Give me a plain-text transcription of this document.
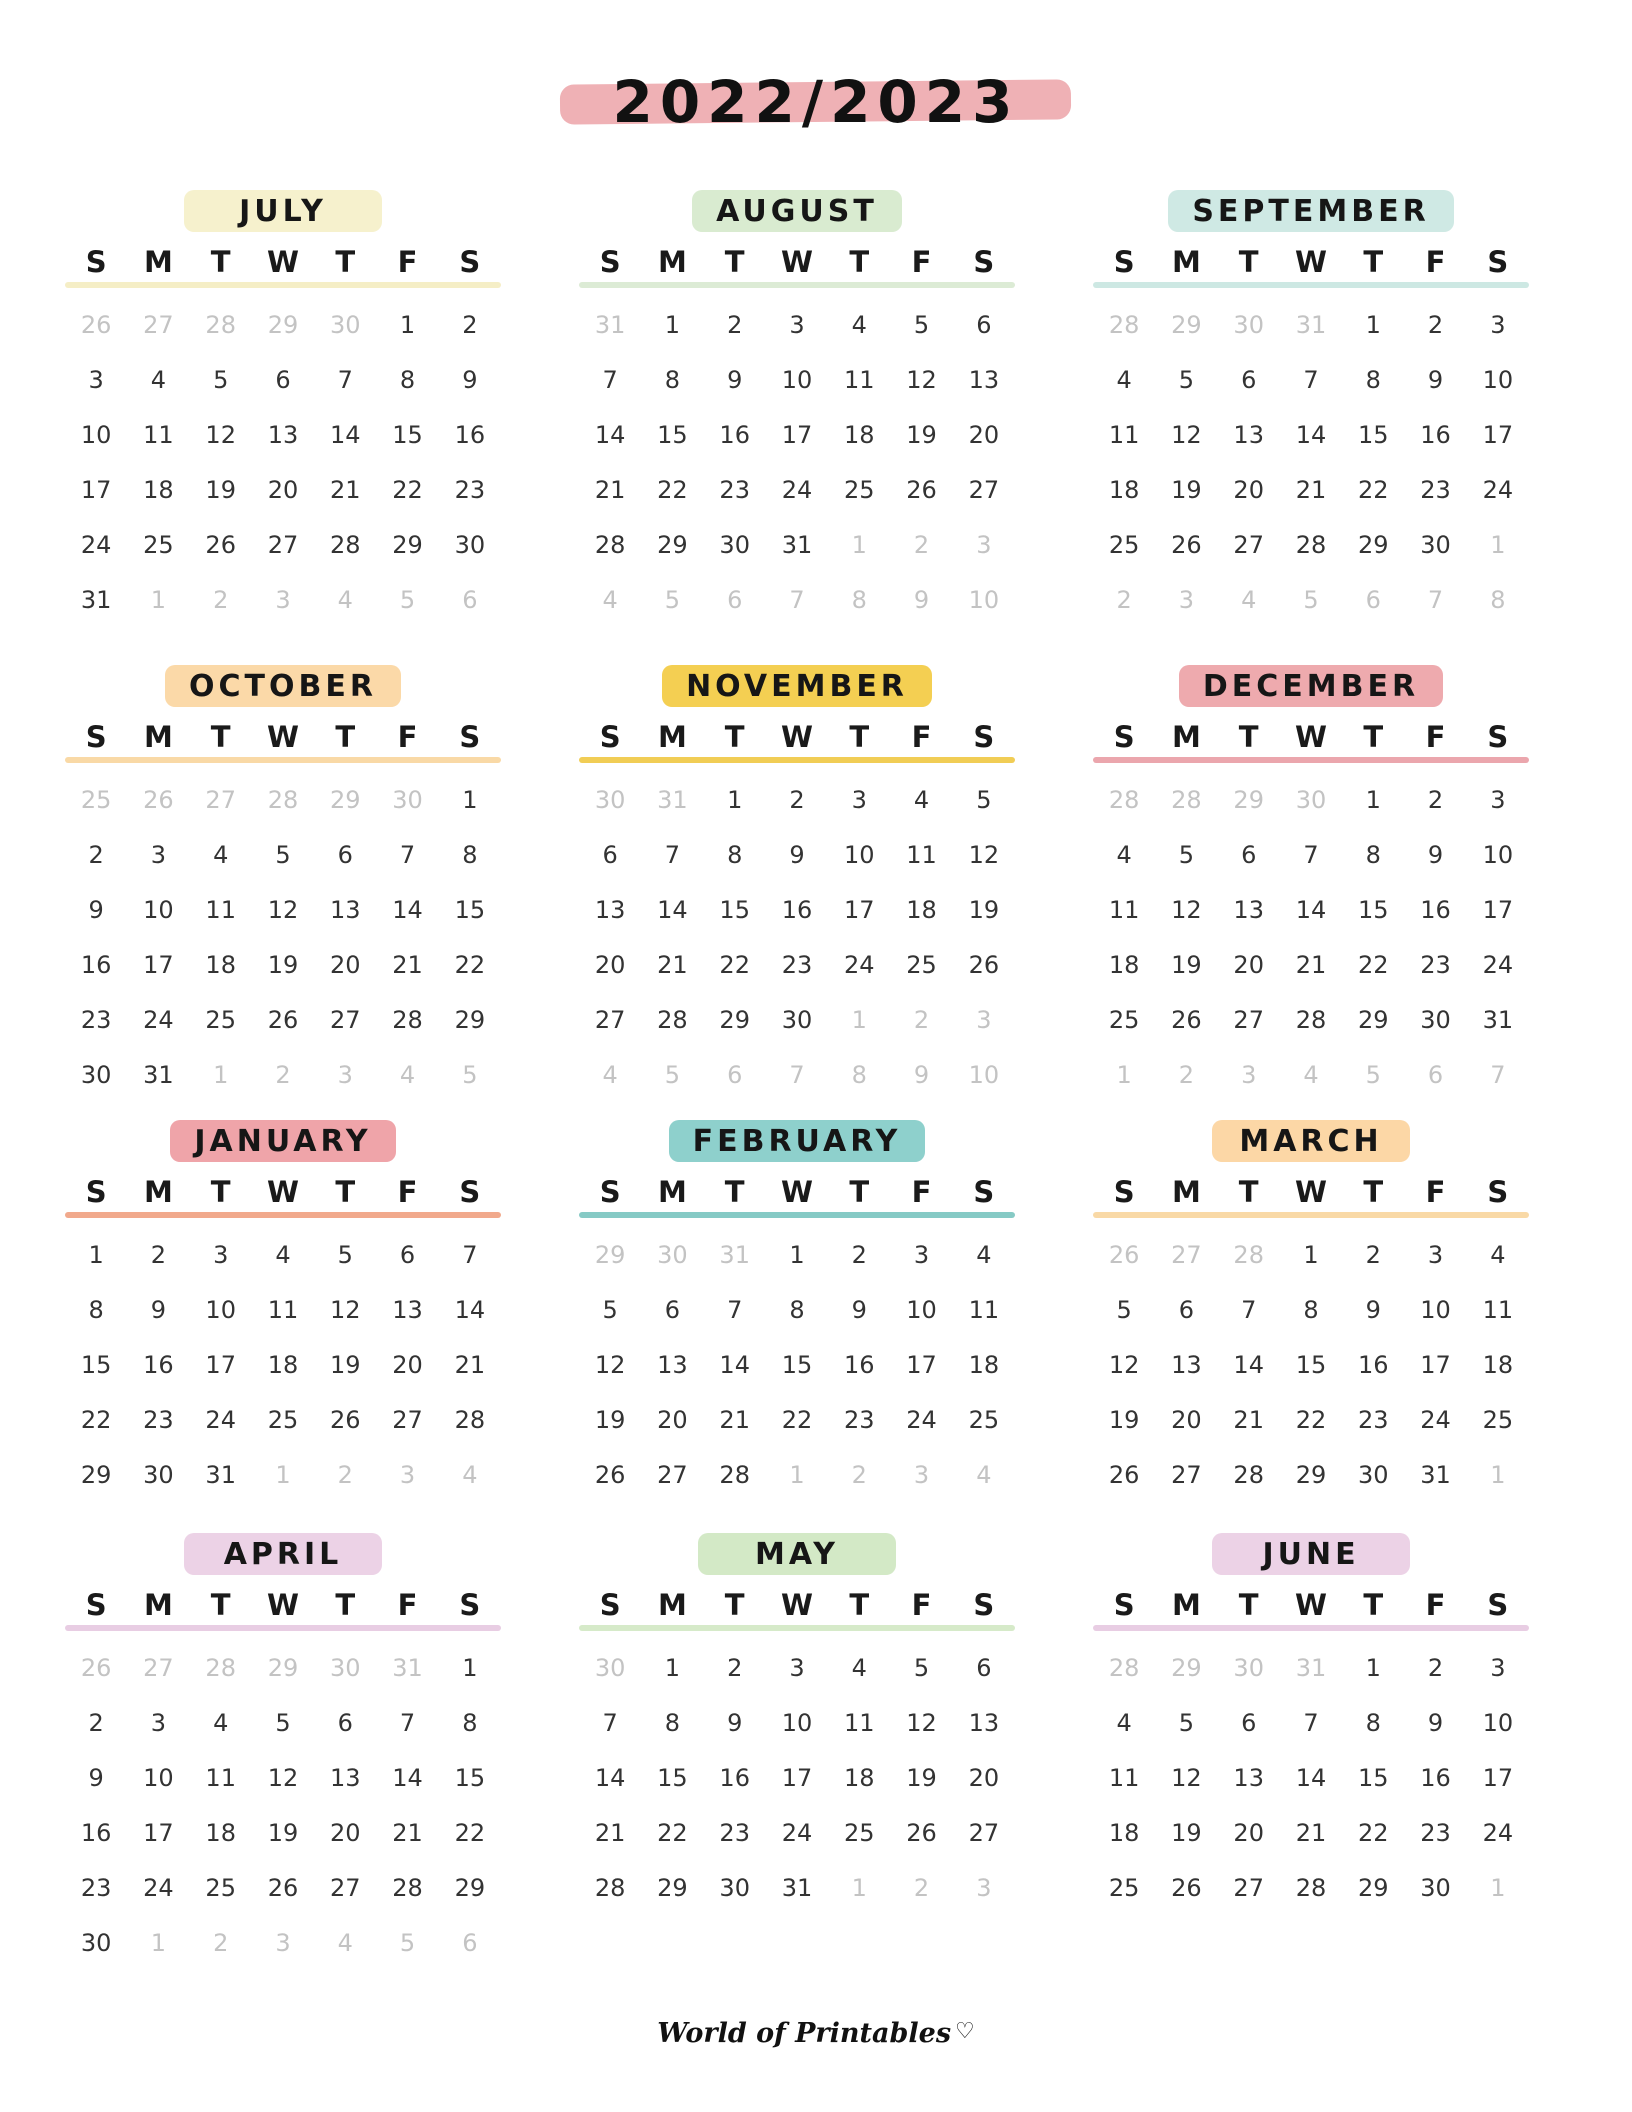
2022/2023
JULY
S	M	T	W	T	F	S
26	27	28	29	30	1	2
3	4	5	6	7	8	9
10	11	12	13	14	15	16
17	18	19	20	21	22	23
24	25	26	27	28	29	30
31	1	2	3	4	5	6
AUGUST
S	M	T	W	T	F	S
31	1	2	3	4	5	6
7	8	9	10	11	12	13
14	15	16	17	18	19	20
21	22	23	24	25	26	27
28	29	30	31	1	2	3
4	5	6	7	8	9	10
SEPTEMBER
S	M	T	W	T	F	S
28	29	30	31	1	2	3
4	5	6	7	8	9	10
11	12	13	14	15	16	17
18	19	20	21	22	23	24
25	26	27	28	29	30	1
2	3	4	5	6	7	8
OCTOBER
S	M	T	W	T	F	S
25	26	27	28	29	30	1
2	3	4	5	6	7	8
9	10	11	12	13	14	15
16	17	18	19	20	21	22
23	24	25	26	27	28	29
30	31	1	2	3	4	5
NOVEMBER
S	M	T	W	T	F	S
30	31	1	2	3	4	5
6	7	8	9	10	11	12
13	14	15	16	17	18	19
20	21	22	23	24	25	26
27	28	29	30	1	2	3
4	5	6	7	8	9	10
DECEMBER
S	M	T	W	T	F	S
28	28	29	30	1	2	3
4	5	6	7	8	9	10
11	12	13	14	15	16	17
18	19	20	21	22	23	24
25	26	27	28	29	30	31
1	2	3	4	5	6	7
JANUARY
S	M	T	W	T	F	S
1	2	3	4	5	6	7
8	9	10	11	12	13	14
15	16	17	18	19	20	21
22	23	24	25	26	27	28
29	30	31	1	2	3	4
FEBRUARY
S	M	T	W	T	F	S
29	30	31	1	2	3	4
5	6	7	8	9	10	11
12	13	14	15	16	17	18
19	20	21	22	23	24	25
26	27	28	1	2	3	4
MARCH
S	M	T	W	T	F	S
26	27	28	1	2	3	4
5	6	7	8	9	10	11
12	13	14	15	16	17	18
19	20	21	22	23	24	25
26	27	28	29	30	31	1
APRIL
S	M	T	W	T	F	S
26	27	28	29	30	31	1
2	3	4	5	6	7	8
9	10	11	12	13	14	15
16	17	18	19	20	21	22
23	24	25	26	27	28	29
30	1	2	3	4	5	6
MAY
S	M	T	W	T	F	S
30	1	2	3	4	5	6
7	8	9	10	11	12	13
14	15	16	17	18	19	20
21	22	23	24	25	26	27
28	29	30	31	1	2	3
JUNE
S	M	T	W	T	F	S
28	29	30	31	1	2	3
4	5	6	7	8	9	10
11	12	13	14	15	16	17
18	19	20	21	22	23	24
25	26	27	28	29	30	1
World of Printables ♡
